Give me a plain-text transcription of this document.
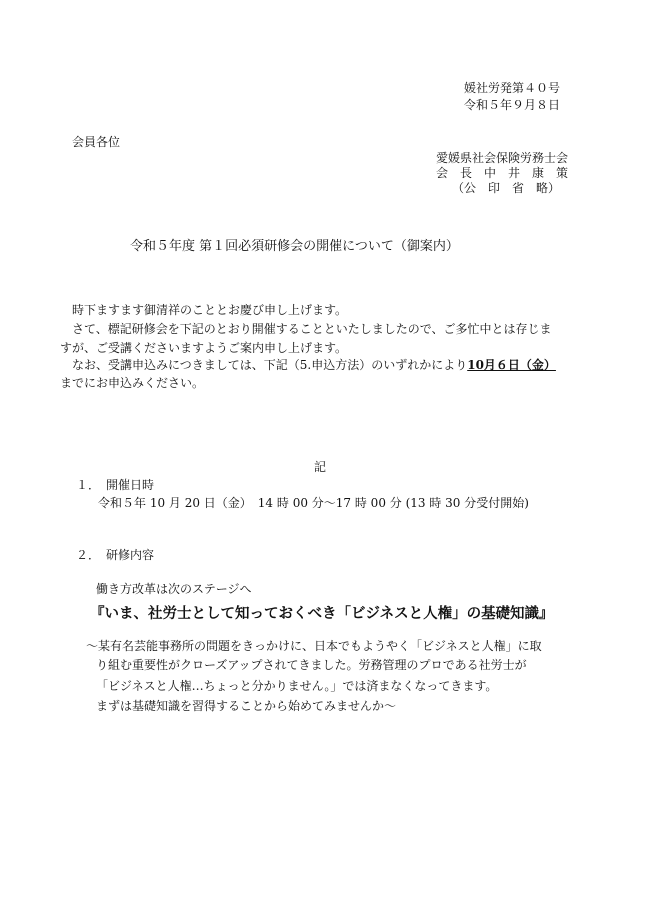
媛社労発第４０号
令和５年９月８日
会員各位
愛媛県社会保険労務士会
会　長　中　井　康　策
（公　印　省　略）
令和５年度 第１回必須研修会の開催について（御案内）
時下ますます御清祥のこととお慶び申し上げます。
さて、標記研修会を下記のとおり開催することといたしましたので、ご多忙中とは存じま
すが、ご受講くださいますようご案内申し上げます。
なお、受講申込みにつきましては、下記（5.申込方法）のいずれかにより10月６日（金）
までにお申込みください。
記
１．　開催日時
令和５年 10 月 20 日（金）　14 時 00 分～17 時 00 分 (13 時 30 分受付開始)
２．　研修内容
働き方改革は次のステージへ
『いま、社労士として知っておくべき「ビジネスと人権」の基礎知識』
～某有名芸能事務所の問題をきっかけに、日本でもようやく「ビジネスと人権」に取
り組む重要性がクローズアップされてきました。労務管理のプロである社労士が
「ビジネスと人権…ちょっと分かりません。」では済まなくなってきます。
まずは基礎知識を習得することから始めてみませんか～
